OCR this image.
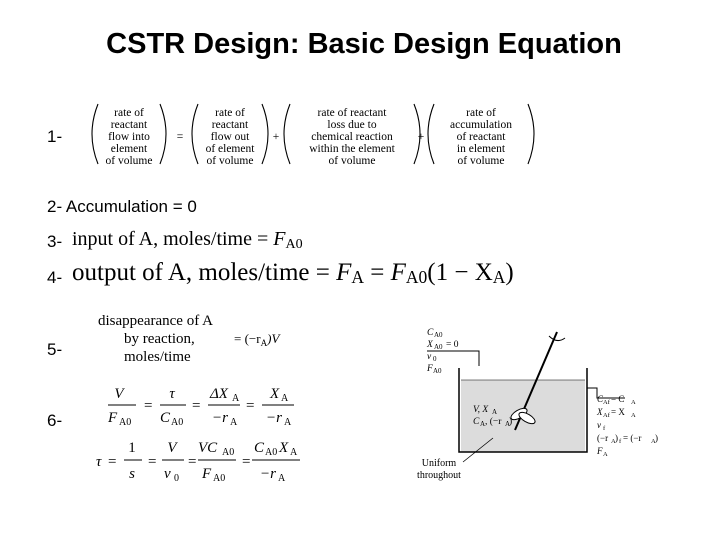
CSTR Design: Basic Design Equation
1-
2- Accumulation = 0
3-
4-
5-
6-
rate of
reactant
flow into
element
of volume
=
rate of
reactant
flow out
of element
of volume
+
rate of reactant
loss due to
chemical reaction
within the element
of volume
+
rate of
accumulation
of reactant
in element
of volume
input of A, moles/time = $F_{A0}$
output of A, moles/time = FA = FA0(1 − XA)
disappearance of A
by reaction,
moles/time
= $(-r_A)V$
V
F A0
=
τ
C A0
=
ΔX A
−r A
=
X A
−r A
τ =
1
s
=
V
v 0
=
VC A0
F A0
=
C A0 X A
−r A
C A0
X A0 = 0
v 0
F A0
V, X A
C A , (−r A
)
C Af = C A
X Af = X A
v f
(−r A ) f = (−r A )
F A
Uniform
throughout
